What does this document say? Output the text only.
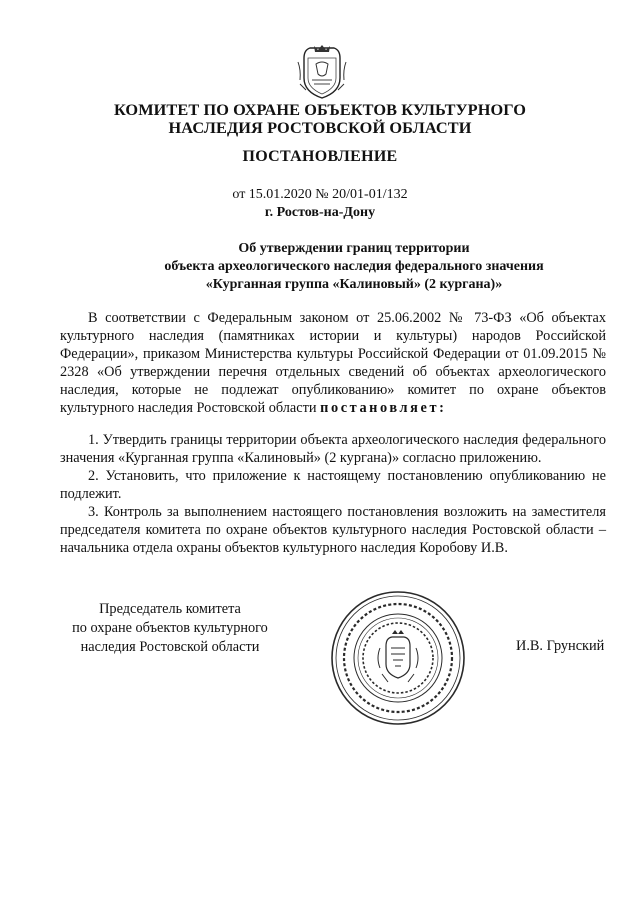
КОМИТЕТ ПО ОХРАНЕ ОБЪЕКТОВ КУЛЬТУРНОГО
НАСЛЕДИЯ РОСТОВСКОЙ ОБЛАСТИ
ПОСТАНОВЛЕНИЕ
от 15.01.2020 № 20/01-01/132
г. Ростов-на-Дону
Об утверждении границ территории
объекта археологического наследия федерального значения
«Курганная группа «Калиновый» (2 кургана)»
В соответствии с Федеральным законом от 25.06.2002 № 73-ФЗ «Об объектах культурного наследия (памятниках истории и культуры) народов Российской Федерации», приказом Министерства культуры Российской Федерации от 01.09.2015 № 2328 «Об утверждении перечня отдельных сведений об объектах археологического наследия, которые не подлежат опубликованию» комитет по охране объектов культурного наследия Ростовской области постановляет:

1. Утвердить границы территории объекта археологического наследия федерального значения «Курганная группа «Калиновый» (2 кургана)» согласно приложению.

2. Установить, что приложение к настоящему постановлению опубликованию не подлежит.

3. Контроль за выполнением настоящего постановления возложить на заместителя председателя комитета по охране объектов культурного наследия Ростовской области – начальника отдела охраны объектов культурного наследия Коробову И.В.

Председатель комитета
по охране объектов культурного
наследия Ростовской области	И.В. Грунский
